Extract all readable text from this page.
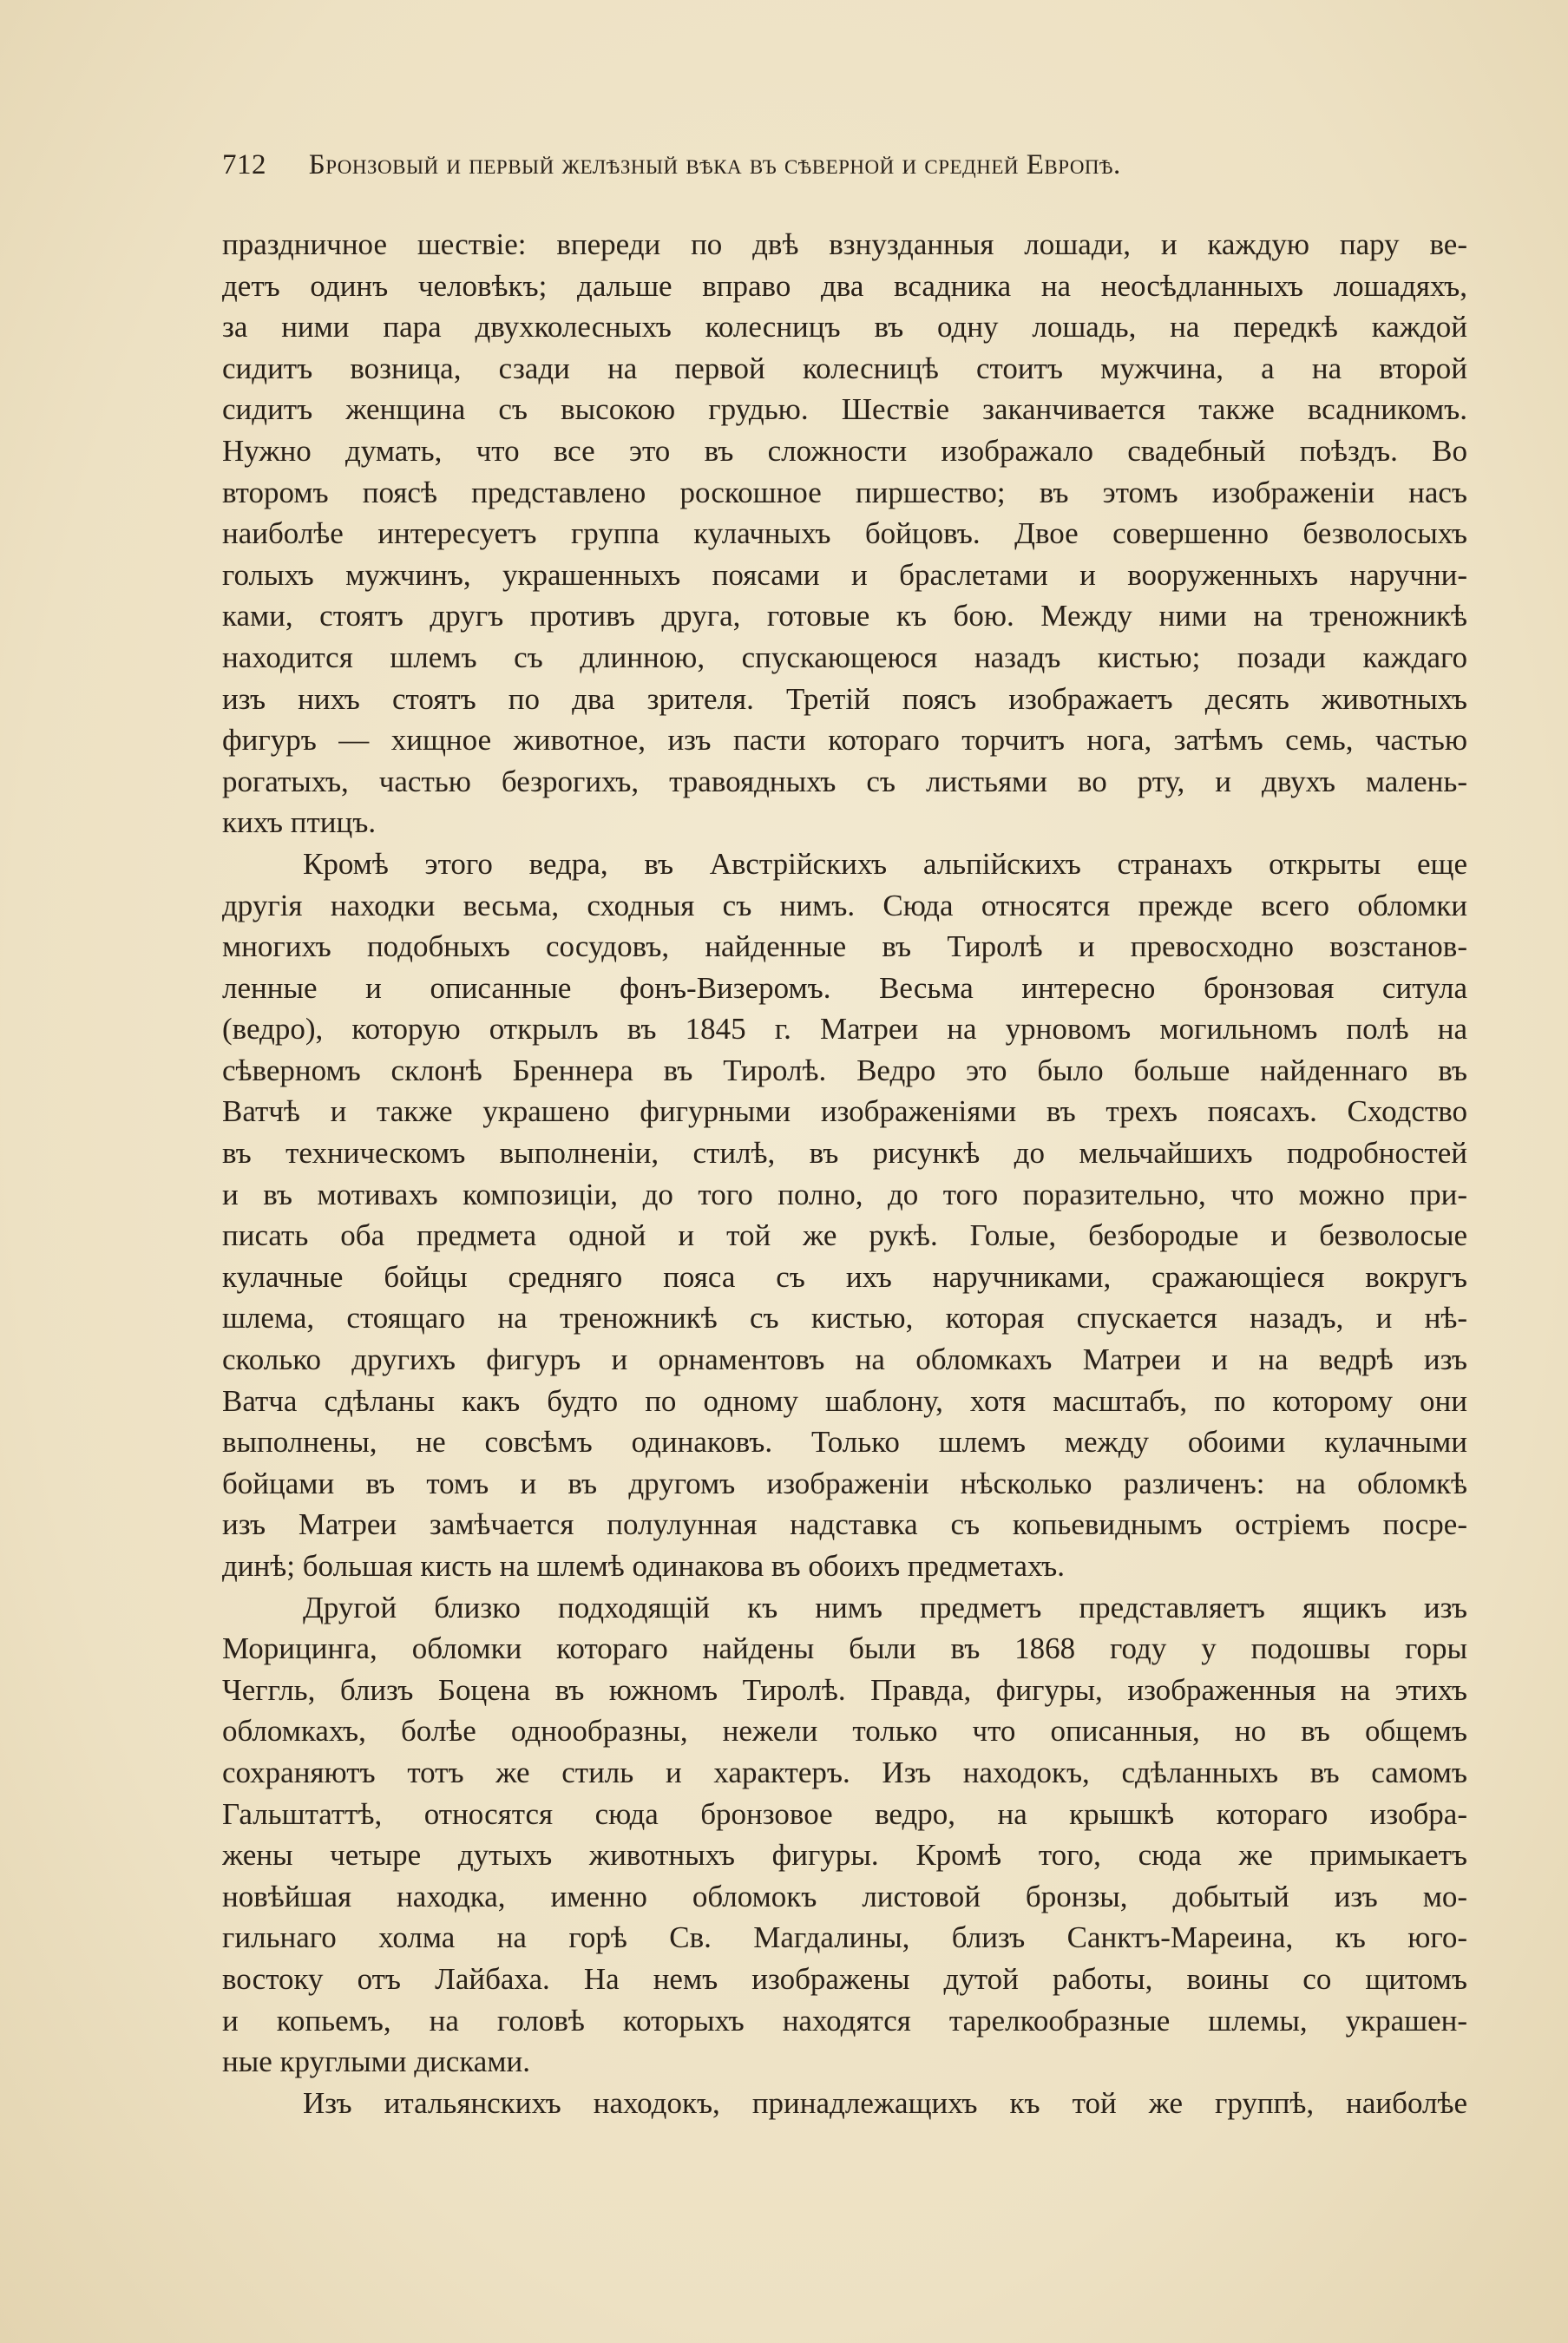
712 Бронзовый и первый желѣзный вѣка въ сѣверной и средней Европѣ.
праздничное шествіе: впереди по двѣ взнузданныя лошади, и каждую пару ве-
детъ одинъ человѣкъ; дальше вправо два всадника на неосѣдланныхъ лошадяхъ,
за ними пара двухколесныхъ колесницъ въ одну лошадь, на передкѣ каждой
сидитъ возница, сзади на первой колесницѣ стоитъ мужчина, а на второй
сидитъ женщина съ высокою грудью. Шествіе заканчивается также всадникомъ.
Нужно думать, что все это въ сложности изображало свадебный поѣздъ. Во
второмъ поясѣ представлено роскошное пиршество; въ этомъ изображеніи насъ
наиболѣе интересуетъ группа кулачныхъ бойцовъ. Двое совершенно безволосыхъ
голыхъ мужчинъ, украшенныхъ поясами и браслетами и вооруженныхъ наручни-
ками, стоятъ другъ противъ друга, готовые къ бою. Между ними на треножникѣ
находится шлемъ съ длинною, спускающеюся назадъ кистью; позади каждаго
изъ нихъ стоятъ по два зрителя. Третій поясъ изображаетъ десять животныхъ
фигуръ — хищное животное, изъ пасти котораго торчитъ нога, затѣмъ семь, частью
рогатыхъ, частью безрогихъ, травоядныхъ съ листьями во рту, и двухъ малень-
кихъ птицъ.
Кромѣ этого ведра, въ Австрійскихъ альпійскихъ странахъ открыты еще
другія находки весьма, сходныя съ нимъ. Сюда относятся прежде всего обломки
многихъ подобныхъ сосудовъ, найденные въ Тиролѣ и превосходно возстанов-
ленные и описанные фонъ-Визеромъ. Весьма интересно бронзовая ситула
(ведро), которую открылъ въ 1845 г. Матреи на урновомъ могильномъ полѣ на
сѣверномъ склонѣ Бреннера въ Тиролѣ. Ведро это было больше найденнаго въ
Ватчѣ и также украшено фигурными изображеніями въ трехъ поясахъ. Сходство
въ техническомъ выполненіи, стилѣ, въ рисункѣ до мельчайшихъ подробностей
и въ мотивахъ композиціи, до того полно, до того поразительно, что можно при-
писать оба предмета одной и той же рукѣ. Голые, безбородые и безволосые
кулачные бойцы средняго пояса съ ихъ наручниками, сражающіеся вокругъ
шлема, стоящаго на треножникѣ съ кистью, которая спускается назадъ, и нѣ-
сколько другихъ фигуръ и орнаментовъ на обломкахъ Матреи и на ведрѣ изъ
Ватча сдѣланы какъ будто по одному шаблону, хотя масштабъ, по которому они
выполнены, не совсѣмъ одинаковъ. Только шлемъ между обоими кулачными
бойцами въ томъ и въ другомъ изображеніи нѣсколько различенъ: на обломкѣ
изъ Матреи замѣчается полулунная надставка съ копьевиднымъ остріемъ посре-
динѣ; большая кисть на шлемѣ одинакова въ обоихъ предметахъ.
Другой близко подходящій къ нимъ предметъ представляетъ ящикъ изъ
Морицинга, обломки котораго найдены были въ 1868 году у подошвы горы
Чеггль, близъ Боцена въ южномъ Тиролѣ. Правда, фигуры, изображенныя на этихъ
обломкахъ, болѣе однообразны, нежели только что описанныя, но въ общемъ
сохраняютъ тотъ же стиль и характеръ. Изъ находокъ, сдѣланныхъ въ самомъ
Гальштаттѣ, относятся сюда бронзовое ведро, на крышкѣ котораго изобра-
жены четыре дутыхъ животныхъ фигуры. Кромѣ того, сюда же примыкаетъ
новѣйшая находка, именно обломокъ листовой бронзы, добытый изъ мо-
гильнаго холма на горѣ Св. Магдалины, близъ Санктъ-Мареина, къ юго-
востоку отъ Лайбаха. На немъ изображены дутой работы, воины со щитомъ
и копьемъ, на головѣ которыхъ находятся тарелкообразные шлемы, украшен-
ные круглыми дисками.
Изъ итальянскихъ находокъ, принадлежащихъ къ той же группѣ, наиболѣе
